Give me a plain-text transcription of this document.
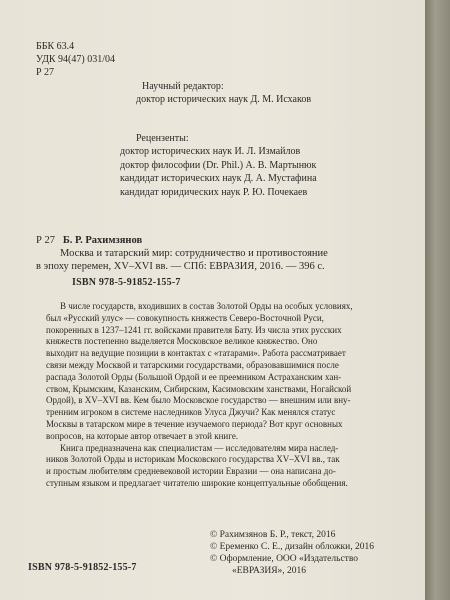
ББК 63.4
УДК 94(47) 031/04
Р 27
Научный редактор:
доктор исторических наук Д. М. Исхаков
Рецензенты:
доктор исторических наук И. Л. Измайлов
доктор философии (Dr. Phil.) А. В. Мартынюк
кандидат исторических наук Д. А. Мустафина
кандидат юридических наук Р. Ю. Почекаев
Р 27 Б. Р. Рахимзянов
Москва и татарский мир: сотрудничество и противостояние
в эпоху перемен, XV–XVI вв. — СПб: ЕВРАЗИЯ, 2016. — 396 с.
ISBN 978-5-91852-155-7
В числе государств, входивших в состав Золотой Орды на особых условиях,
был «Русский улус» — совокупность княжеств Северо-Восточной Руси,
покоренных в 1237–1241 гг. войсками правителя Бату. Из числа этих русских
княжеств постепенно выделяется Московское великое княжество. Оно
выходит на ведущие позиции в контактах с «татарами». Работа рассматривает
связи между Москвой и татарскими государствами, образовавшимися после
распада Золотой Орды (Большой Ордой и ее преемником Астраханским хан-
ством, Крымским, Казанским, Сибирским, Касимовским ханствами, Ногайской
Ордой), в XV–XVI вв. Кем было Московское государство — внешним или вну-
тренним игроком в системе наследников Улуса Джучи? Как менялся статус
Москвы в татарском мире в течение изучаемого периода? Вот круг основных
вопросов, на которые автор отвечает в этой книге.
Книга предназначена как специалистам — исследователям мира наслед-
ников Золотой Орды и историкам Московского государства XV–XVI вв., так
и простым любителям средневековой истории Евразии — она написана до-
ступным языком и предлагает читателю широкие концептуальные обобщения.
© Рахимзянов Б. Р., текст, 2016
© Еременко С. Е., дизайн обложки, 2016
© Оформление, ООО «Издательство
«ЕВРАЗИЯ», 2016
ISBN 978-5-91852-155-7
